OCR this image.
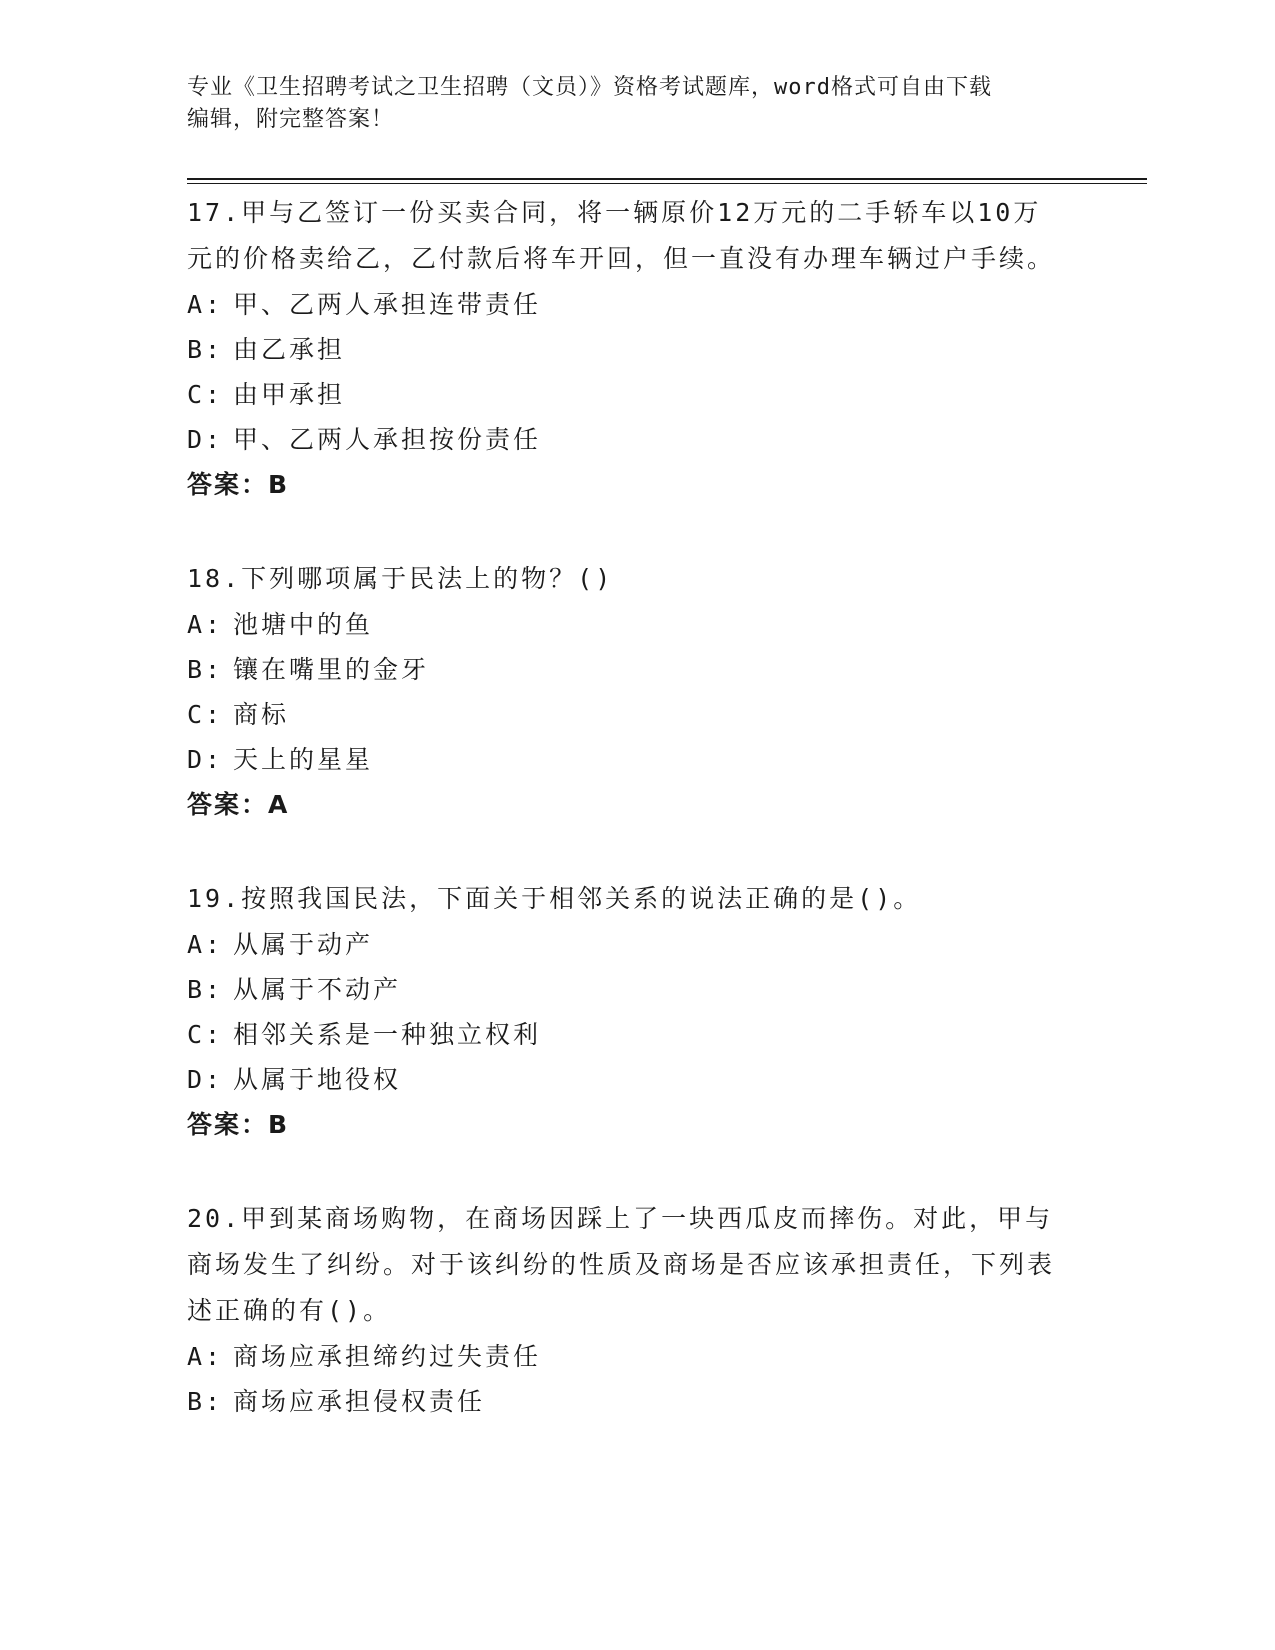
专业《卫生招聘考试之卫生招聘（文员）》资格考试题库，word格式可自由下载
编辑，附完整答案！
17.甲与乙签订一份买卖合同，将一辆原价12万元的二手轿车以10万元的价格卖给乙，乙付款后将车开回，但一直没有办理车辆过户手续。
A: 甲、乙两人承担连带责任
B: 由乙承担
C: 由甲承担
D: 甲、乙两人承担按份责任
答案：B
18.下列哪项属于民法上的物？()
A: 池塘中的鱼
B: 镶在嘴里的金牙
C: 商标
D: 天上的星星
答案：A
19.按照我国民法，下面关于相邻关系的说法正确的是()。
A: 从属于动产
B: 从属于不动产
C: 相邻关系是一种独立权利
D: 从属于地役权
答案：B
20.甲到某商场购物，在商场因踩上了一块西瓜皮而摔伤。对此，甲与商场发生了纠纷。对于该纠纷的性质及商场是否应该承担责任，下列表述正确的有()。
A: 商场应承担缔约过失责任
B: 商场应承担侵权责任
